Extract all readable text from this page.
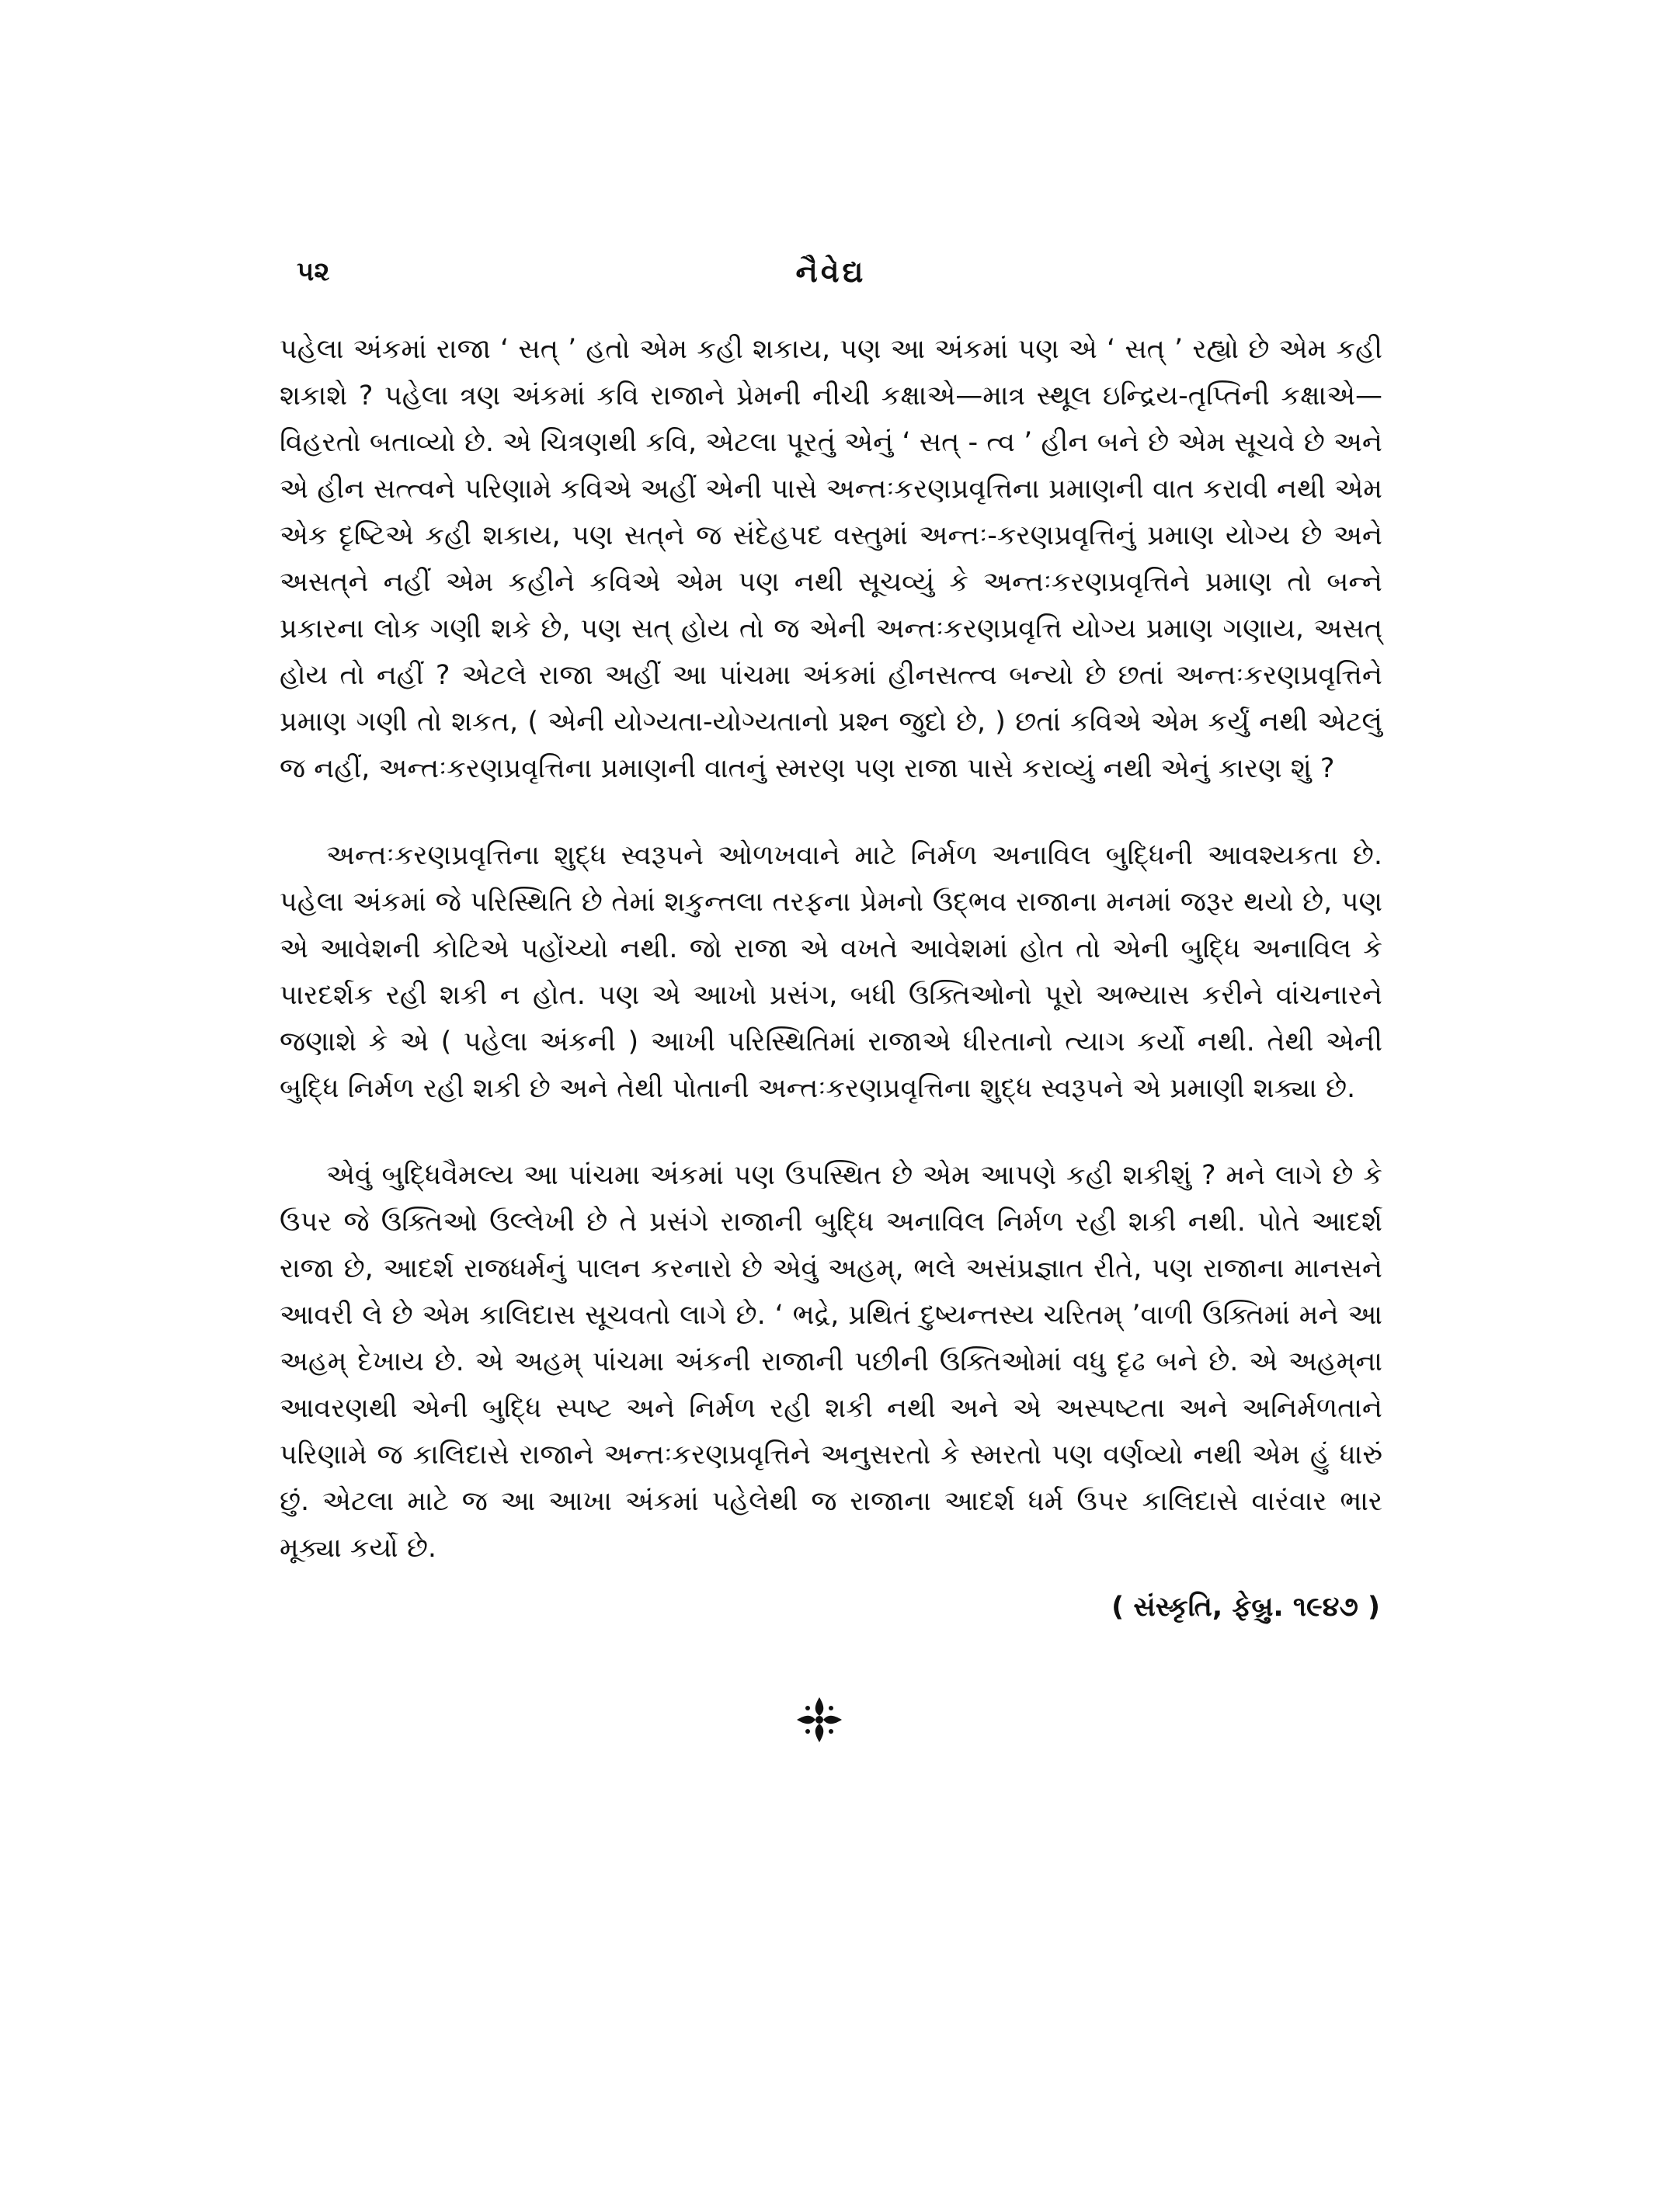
૫૨	નૈવેદ્ય

પહેલા અંકમાં રાજા ‘ સત્ ’ હતો એમ કહી શકાય, પણ આ અંકમાં પણ એ ‘ સત્ ’ રહ્યો છે એમ કહી શકાશે ? પહેલા ત્રણ અંકમાં કવિ રાજાને પ્રેમની નીચી કક્ષાએ—માત્ર સ્થૂલ ઇન્દ્રિય-તૃપ્તિની કક્ષાએ—વિહરતો બતાવ્યો છે. એ ચિત્રણથી કવિ, એટલા પૂરતું એનું ‘ સત્ - ત્વ ’ હીન બને છે એમ સૂચવે છે અને એ હીન સત્ત્વને પરિણામે કવિએ અહીં એની પાસે અન્તઃકરણપ્રવૃત્તિના પ્રમાણની વાત કરાવી નથી એમ એક દૃષ્ટિએ કહી શકાય, પણ સત્‌ને જ સંદેહપદ વસ્તુમાં અન્તઃ-કરણપ્રવૃત્તિનું પ્રમાણ યોગ્ય છે અને અસત્‌ને નહીં એમ કહીને કવિએ એમ પણ નથી સૂચવ્યું કે અન્તઃકરણપ્રવૃત્તિને પ્રમાણ તો બન્ને પ્રકારના લોક ગણી શકે છે, પણ સત્ હોય તો જ એની અન્તઃકરણપ્રવૃત્તિ યોગ્ય પ્રમાણ ગણાય, અસત્ હોય તો નહીં ? એટલે રાજા અહીં આ પાંચમા અંકમાં હીનસત્ત્વ બન્યો છે છતાં અન્તઃકરણપ્રવૃત્તિને પ્રમાણ ગણી તો શકત, ( એની યોગ્યતા-યોગ્યતાનો પ્રશ્ન જુદો છે, ) છતાં કવિએ એમ કર્યું નથી એટલું જ નહીં, અન્તઃકરણપ્રવૃત્તિના પ્રમાણની વાતનું સ્મરણ પણ રાજા પાસે કરાવ્યું નથી એનું કારણ શું ?

અન્તઃકરણપ્રવૃત્તિના શુદ્ધ સ્વરૂપને ઓળખવાને માટે નિર્મળ અનાવિલ બુદ્ધિની આવશ્યકતા છે. પહેલા અંકમાં જે પરિસ્થિતિ છે તેમાં શકુન્તલા તરફના પ્રેમનો ઉદ્‌ભવ રાજાના મનમાં જરૂર થયો છે, પણ એ આવેશની કોટિએ પહોંચ્યો નથી. જો રાજા એ વખતે આવેશમાં હોત તો એની બુદ્ધિ અનાવિલ કે પારદર્શક રહી શકી ન હોત. પણ એ આખો પ્રસંગ, બધી ઉક્તિઓનો પૂરો અભ્યાસ કરીને વાંચનારને જણાશે કે એ ( પહેલા અંકની ) આખી પરિસ્થિતિમાં રાજાએ ધીરતાનો ત્યાગ કર્યો નથી. તેથી એની બુદ્ધિ નિર્મળ રહી શકી છે અને તેથી પોતાની અન્તઃકરણપ્રવૃત્તિના શુદ્ધ સ્વરૂપને એ પ્રમાણી શક્યા છે.

એવું બુદ્ધિવૈમલ્ય આ પાંચમા અંકમાં પણ ઉપસ્થિત છે એમ આપણે કહી શકીશું ? મને લાગે છે કે ઉપર જે ઉક્તિઓ ઉલ્લેખી છે તે પ્રસંગે રાજાની બુદ્ધિ અનાવિલ નિર્મળ રહી શકી નથી. પોતે આદર્શ રાજા છે, આદર્શ રાજધર્મનું પાલન કરનારો છે એવું અહમ્, ભલે અસંપ્રજ્ઞાત રીતે, પણ રાજાના માનસને આવરી લે છે એમ કાલિદાસ સૂચવતો લાગે છે. ‘ ભદ્રે, પ્રથિતં દુષ્યન્તસ્ય ચરિતમ્ ’વાળી ઉક્તિમાં મને આ અહમ્ દેખાય છે. એ અહમ્ પાંચમા અંકની રાજાની પછીની ઉક્તિઓમાં વધુ દૃઢ બને છે. એ અહમ્‌ના આવરણથી એની બુદ્ધિ સ્પષ્ટ અને નિર્મળ રહી શકી નથી અને એ અસ્પષ્ટતા અને અનિર્મળતાને પરિણામે જ કાલિદાસે રાજાને અન્તઃકરણપ્રવૃત્તિને અનુસરતો કે સ્મરતો પણ વર્ણવ્યો નથી એમ હું ધારું છું. એટલા માટે જ આ આખા અંકમાં પહેલેથી જ રાજાના આદર્શ ધર્મ ઉપર કાલિદાસે વારંવાર ભાર મૂક્યા કર્યો છે.

( સંસ્કૃતિ, ફેબ્રુ. ૧૯૪૭ )
